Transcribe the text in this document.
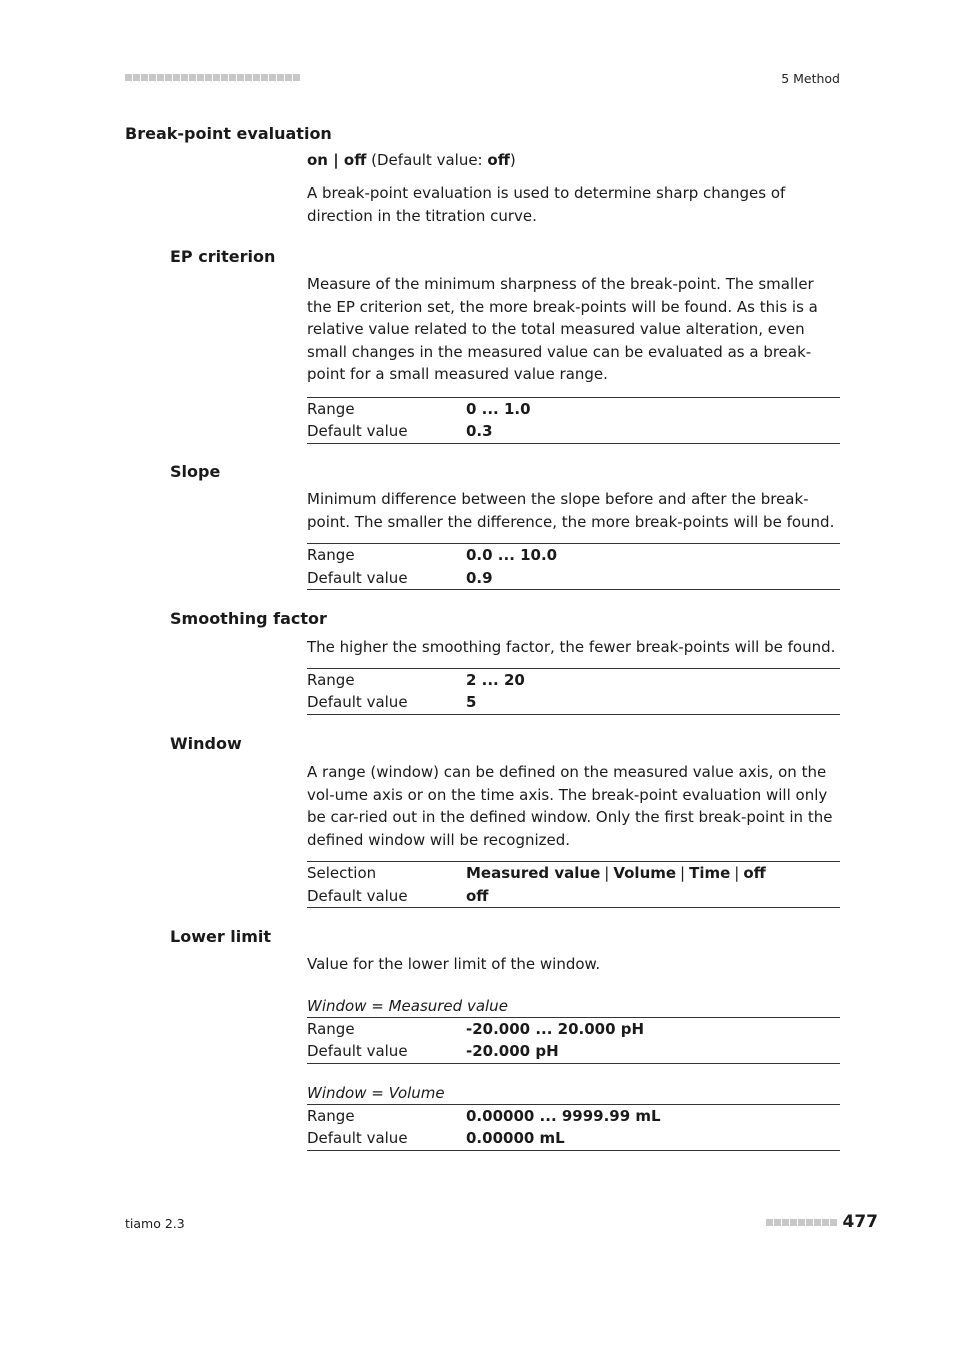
5 Method
Break-point evaluation
on | off (Default value: off)

A break-point evaluation is used to determine sharp changes of direction in the titration curve.

EP criterion

Measure of the minimum sharpness of the break-point. The smaller the EP criterion set, the more break-points will be found. As this is a relative value related to the total measured value alteration, even small changes in the measured value can be evaluated as a break-point for a small measured value range.

Range	0 ... 1.0
Default value	0.3
Slope

Minimum difference between the slope before and after the break-point. The smaller the difference, the more break-points will be found.

Range	0.0 ... 10.0
Default value	0.9
Smoothing factor

The higher the smoothing factor, the fewer break-points will be found.

Range	2 ... 20
Default value	5
Window

A range (window) can be defined on the measured value axis, on the vol-ume axis or on the time axis. The break-point evaluation will only be car-ried out in the defined window. Only the first break-point in the defined window will be recognized.

Selection	Measured value | Volume | Time | off
Default value	off
Lower limit

Value for the lower limit of the window.

Window = Measured value
Range	-20.000 ... 20.000 pH
Default value	-20.000 pH
Window = Volume
Range	0.00000 ... 9999.99 mL
Default value	0.00000 mL
tiamo 2.3	477
